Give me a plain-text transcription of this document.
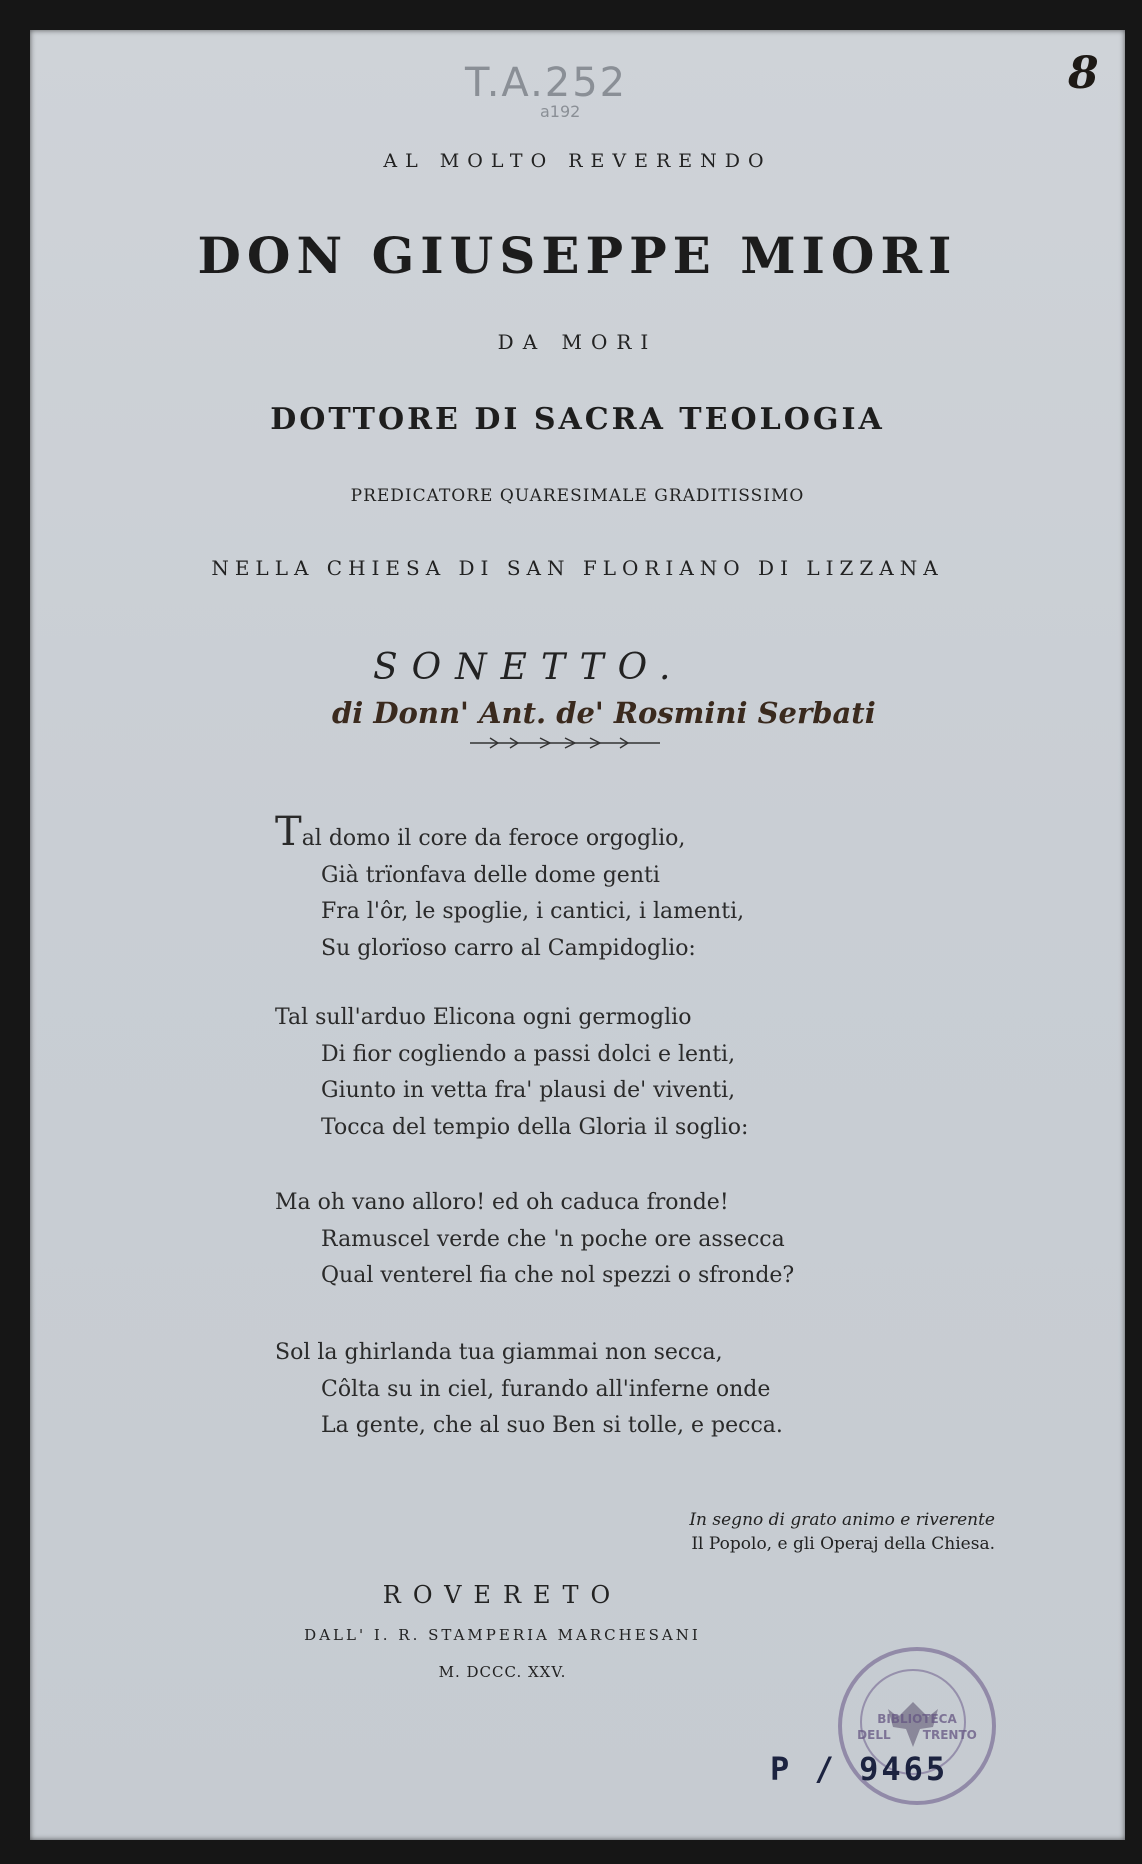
T.A.252
a192
8
AL MOLTO REVERENDO
DON GIUSEPPE MIORI
DA MORI
DOTTORE DI SACRA TEOLOGIA
PREDICATORE QUARESIMALE GRADITISSIMO
NELLA CHIESA DI SAN FLORIANO DI LIZZANA
SONETTO.
di Donn' Ant. de' Rosmini Serbati
Tal domo il core da feroce orgoglio,
Già trïonfava delle dome genti
Fra l'ôr, le spoglie, i cantici, i lamenti,
Su glorïoso carro al Campidoglio:
Tal sull'arduo Elicona ogni germoglio
Di fior cogliendo a passi dolci e lenti,
Giunto in vetta fra' plausi de' viventi,
Tocca del tempio della Gloria il soglio:
Ma oh vano alloro! ed oh caduca fronde!
Ramuscel verde che 'n poche ore assecca
Qual venterel fia che nol spezzi o sfronde?
Sol la ghirlanda tua giammai non secca,
Côlta su in ciel, furando all'inferne onde
La gente, che al suo Ben si tolle, e pecca.
In segno di grato animo e riverente
Il Popolo, e gli Operaj della Chiesa.
ROVERETO
DALL' I. R. STAMPERIA MARCHESANI
M. DCCC. XXV.
BIBLIOTECA DELL TRENTO
P / 9465
